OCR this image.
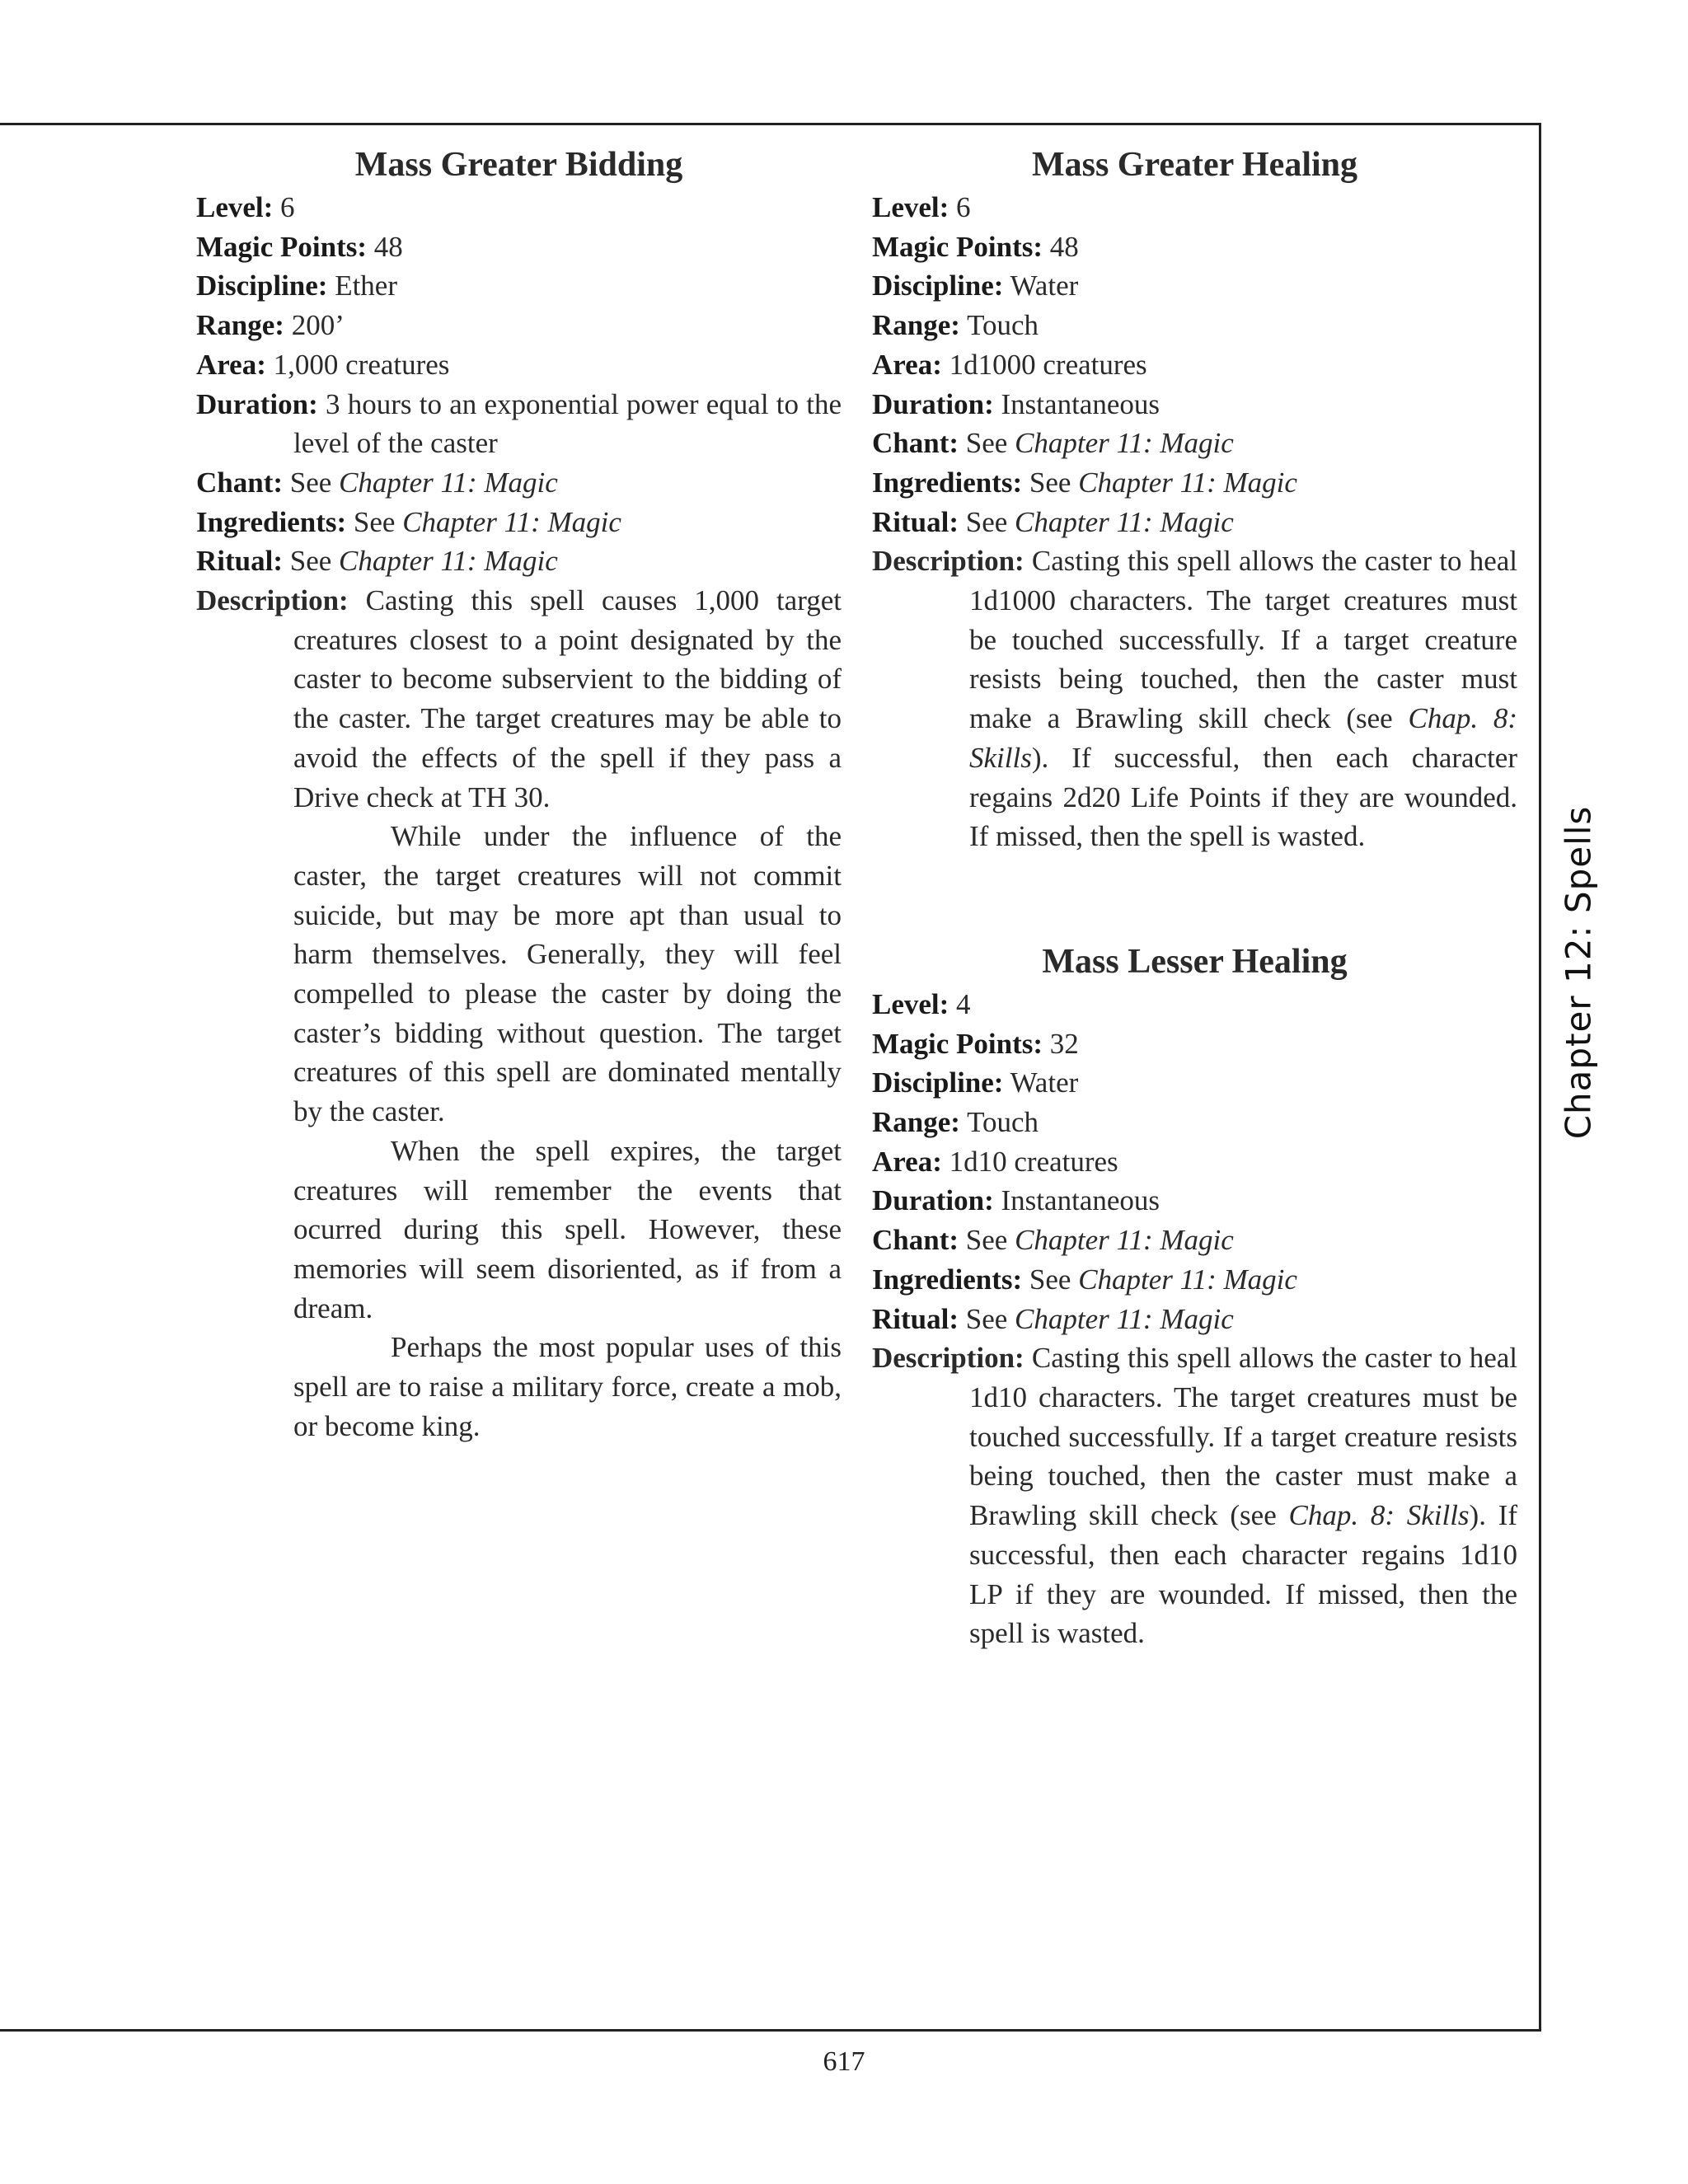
Mass Greater Bidding

Level: 6

Magic Points: 48

Discipline: Ether

Range: 200’

Area: 1,000 creatures

Duration: 3 hours to an exponential power equal to the level of the caster

Chant: See Chapter 11: Magic

Ingredients: See Chapter 11: Magic

Ritual: See Chapter 11: Magic

Description: Casting this spell causes 1,000 target creatures closest to a point designated by the caster to become subservient to the bidding of the caster. The target creatures may be able to avoid the effects of the spell if they pass a Drive check at TH 30.

While under the influence of the caster, the target creatures will not commit suicide, but may be more apt than usual to harm themselves. Generally, they will feel compelled to please the caster by doing the caster’s bidding without question. The target creatures of this spell are dominated mentally by the caster.

When the spell expires, the target creatures will remember the events that ocurred during this spell. However, these memories will seem disoriented, as if from a dream.

Perhaps the most popular uses of this spell are to raise a military force, create a mob, or become king.

Mass Greater Healing

Level: 6

Magic Points: 48

Discipline: Water

Range: Touch

Area: 1d1000 creatures

Duration: Instantaneous

Chant: See Chapter 11: Magic

Ingredients: See Chapter 11: Magic

Ritual: See Chapter 11: Magic

Description: Casting this spell allows the caster to heal 1d1000 characters. The target creatures must be touched successfully. If a target creature resists being touched, then the caster must make a Brawling skill check (see Chap. 8: Skills). If successful, then each character regains 2d20 Life Points if they are wounded. If missed, then the spell is wasted.

Mass Lesser Healing

Level: 4

Magic Points: 32

Discipline: Water

Range: Touch

Area: 1d10 creatures

Duration: Instantaneous

Chant: See Chapter 11: Magic

Ingredients: See Chapter 11: Magic

Ritual: See Chapter 11: Magic

Description: Casting this spell allows the caster to heal 1d10 characters. The target creatures must be touched successfully. If a target creature resists being touched, then the caster must make a Brawling skill check (see Chap. 8: Skills). If successful, then each character regains 1d10 LP if they are wounded. If missed, then the spell is wasted.

Chapter 12: Spells
617
